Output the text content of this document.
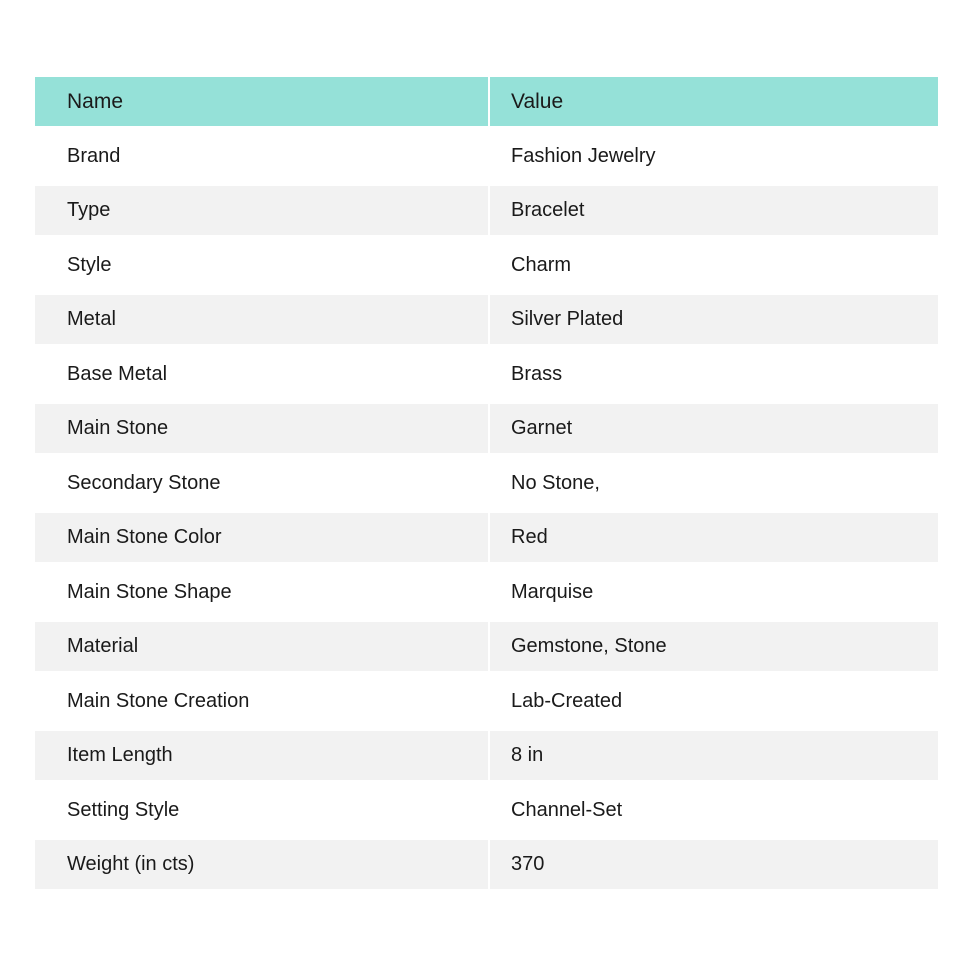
Name	Value
Brand	Fashion Jewelry
Type	Bracelet
Style	Charm
Metal	Silver Plated
Base Metal	Brass
Main Stone	Garnet
Secondary Stone	No Stone,
Main Stone Color	Red
Main Stone Shape	Marquise
Material	Gemstone, Stone
Main Stone Creation	Lab-Created
Item Length	8 in
Setting Style	Channel-Set
Weight (in cts)	370
